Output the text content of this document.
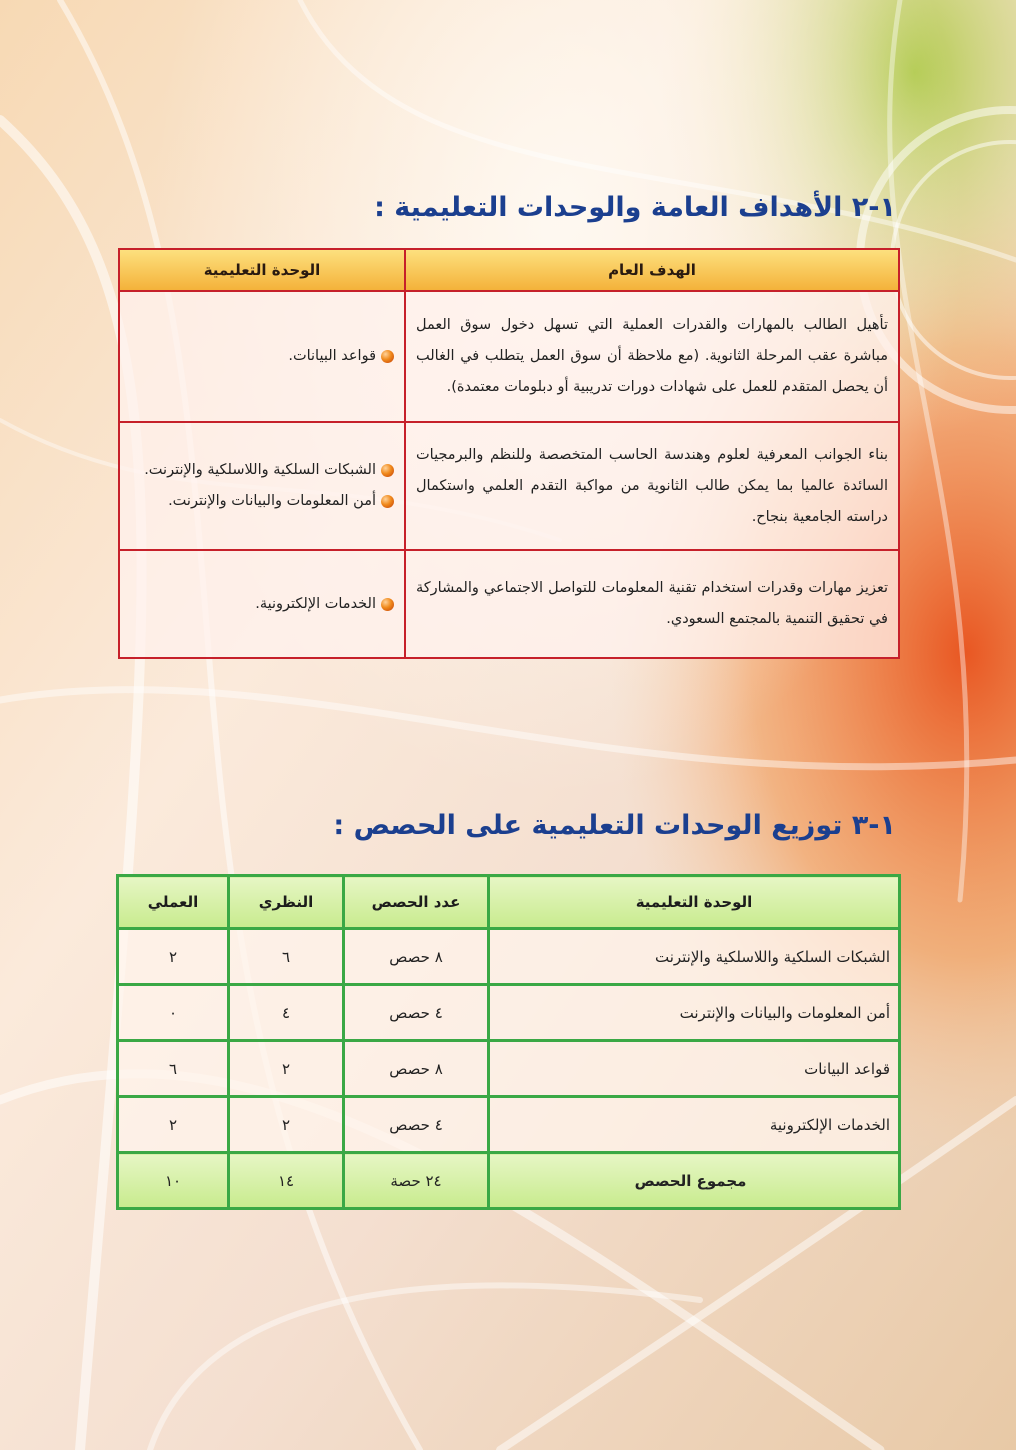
١-٢ الأهداف العامة والوحدات التعليمية :
الهدف العام	الوحدة التعليمية
تأهيل الطالب بالمهارات والقدرات العملية التي تسهل دخول سوق العمل مباشرة عقب المرحلة الثانوية. (مع ملاحظة أن سوق العمل يتطلب في الغالب أن يحصل المتقدم للعمل على شهادات دورات تدريبية أو دبلومات معتمدة).	قواعد البيانات.

بناء الجوانب المعرفية لعلوم وهندسة الحاسب المتخصصة وللنظم والبرمجيات السائدة عالميا بما يمكن طالب الثانوية من مواكبة التقدم العلمي واستكمال دراسته الجامعية بنجاح.	الشبكات السلكية واللاسلكية والإنترنت.
أمن المعلومات والبيانات والإنترنت.

تعزيز مهارات وقدرات استخدام تقنية المعلومات للتواصل الاجتماعي والمشاركة في تحقيق التنمية بالمجتمع السعودي.	الخدمات الإلكترونية.
١-٣ توزيع الوحدات التعليمية على الحصص :
الوحدة التعليمية	عدد الحصص	النظري	العملي
الشبكات السلكية واللاسلكية والإنترنت	٨ حصص	٦	٢
أمن المعلومات والبيانات والإنترنت	٤ حصص	٤	٠
قواعد البيانات	٨ حصص	٢	٦
الخدمات الإلكترونية	٤ حصص	٢	٢
مجموع الحصص	٢٤ حصة	١٤	١٠
